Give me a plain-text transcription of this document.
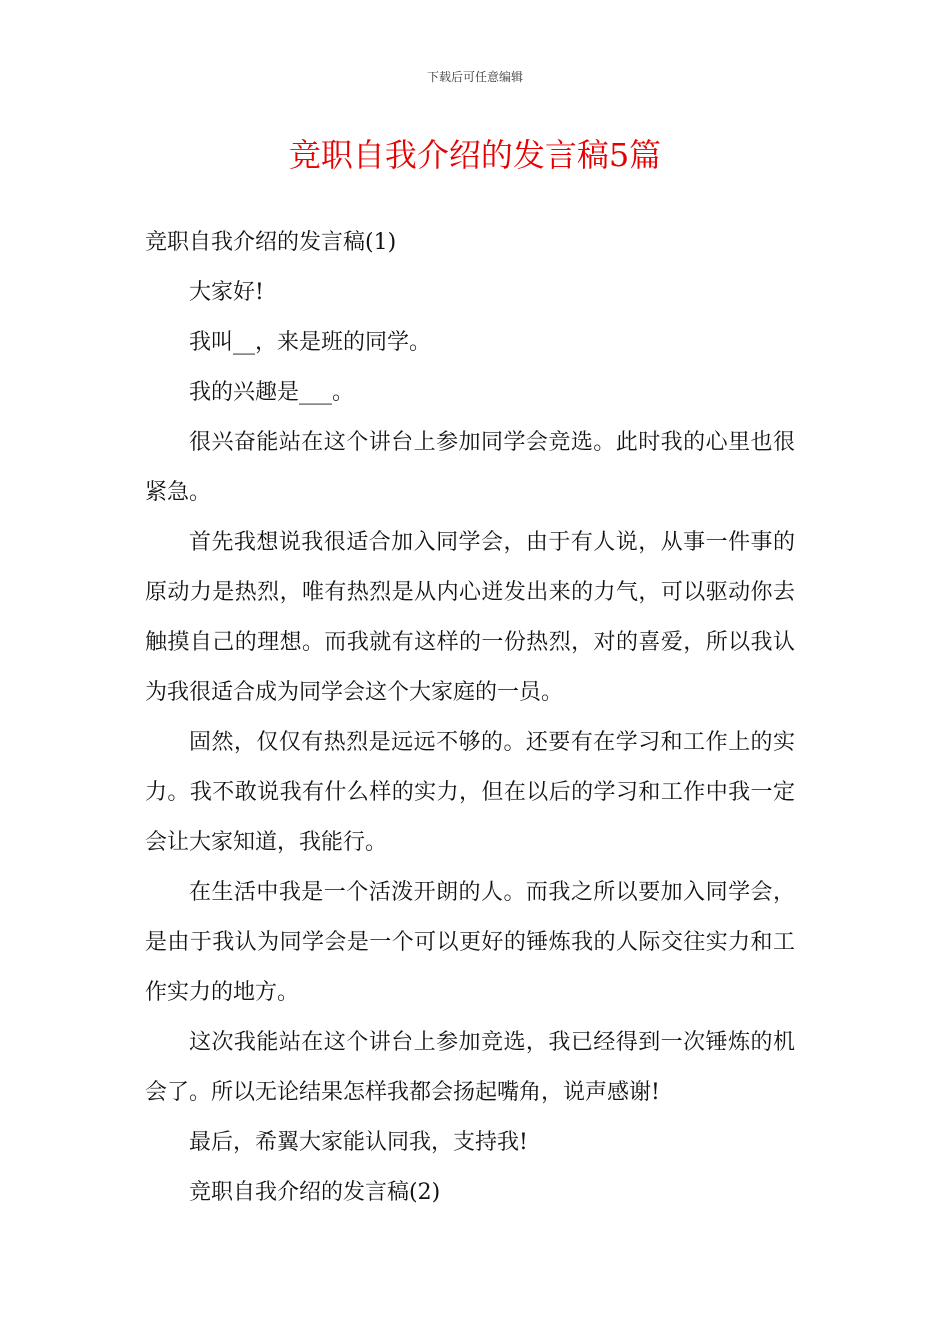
下载后可任意编辑
竞职自我介绍的发言稿5篇

竞职自我介绍的发言稿(1)

大家好!

我叫__，来是班的同学。

我的兴趣是___。

很兴奋能站在这个讲台上参加同学会竞选。此时我的心里也很紧急。

首先我想说我很适合加入同学会，由于有人说，从事一件事的原动力是热烈，唯有热烈是从内心迸发出来的力气，可以驱动你去触摸自己的理想。而我就有这样的一份热烈，对的喜爱，所以我认为我很适合成为同学会这个大家庭的一员。

固然，仅仅有热烈是远远不够的。还要有在学习和工作上的实力。我不敢说我有什么样的实力，但在以后的学习和工作中我一定会让大家知道，我能行。

在生活中我是一个活泼开朗的人。而我之所以要加入同学会，是由于我认为同学会是一个可以更好的锤炼我的人际交往实力和工作实力的地方。

这次我能站在这个讲台上参加竞选，我已经得到一次锤炼的机会了。所以无论结果怎样我都会扬起嘴角，说声感谢!

最后，希翼大家能认同我，支持我!

竞职自我介绍的发言稿(2)
